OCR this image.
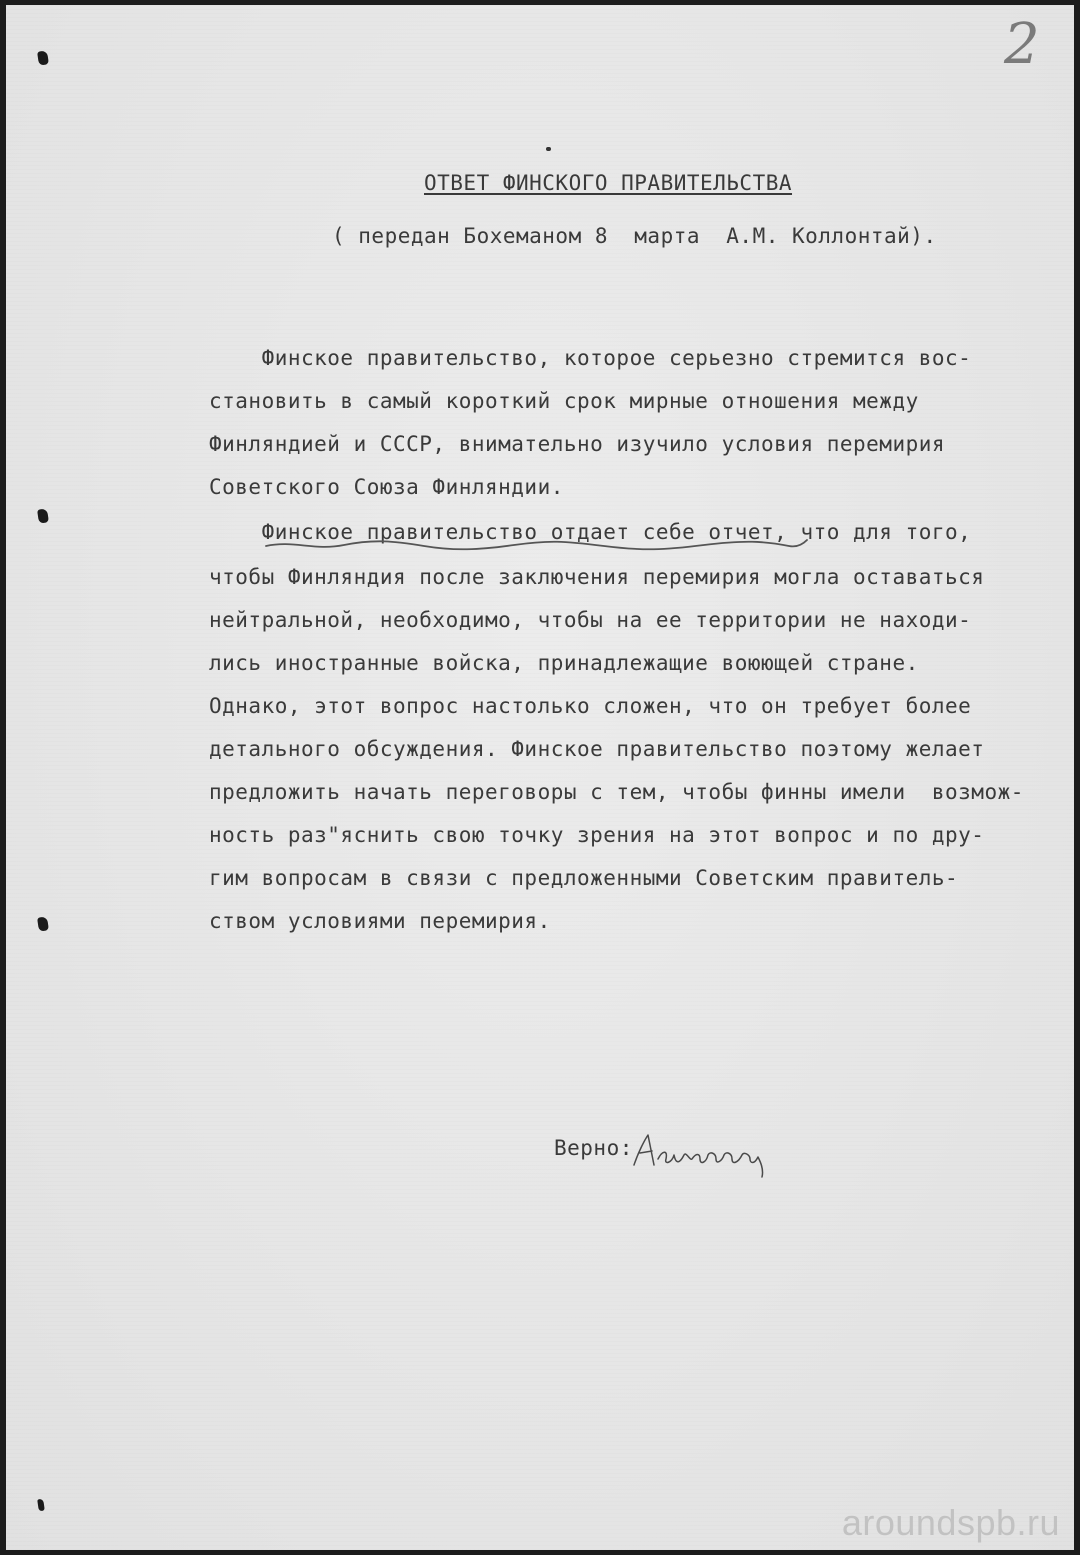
2
ОТВЕТ ФИНСКОГО ПРАВИТЕЛЬСТВА
( передан Бохеманом 8  марта  А.М. Коллонтай).
Финское правительство, которое серьезно стремится вос-
становить в самый короткий срок мирные отношения между
Финляндией и СССР, внимательно изучило условия перемирия
Советского Союза Финляндии.
Финское правительство отдает себе отчет, что для того,
чтобы Финляндия после заключения перемирия могла оставаться
нейтральной, необходимо, чтобы на ее территории не находи-
лись иностранные войска, принадлежащие воюющей стране.
Однако, этот вопрос настолько сложен, что он требует более
детального обсуждения. Финское правительство поэтому желает
предложить начать переговоры с тем, чтобы финны имели  возмож-
ность раз"яснить свою точку зрения на этот вопрос и по дру-
гим вопросам в связи с предложенными Советским правитель-
ством условиями перемирия.
Верно:
aroundspb.ru
